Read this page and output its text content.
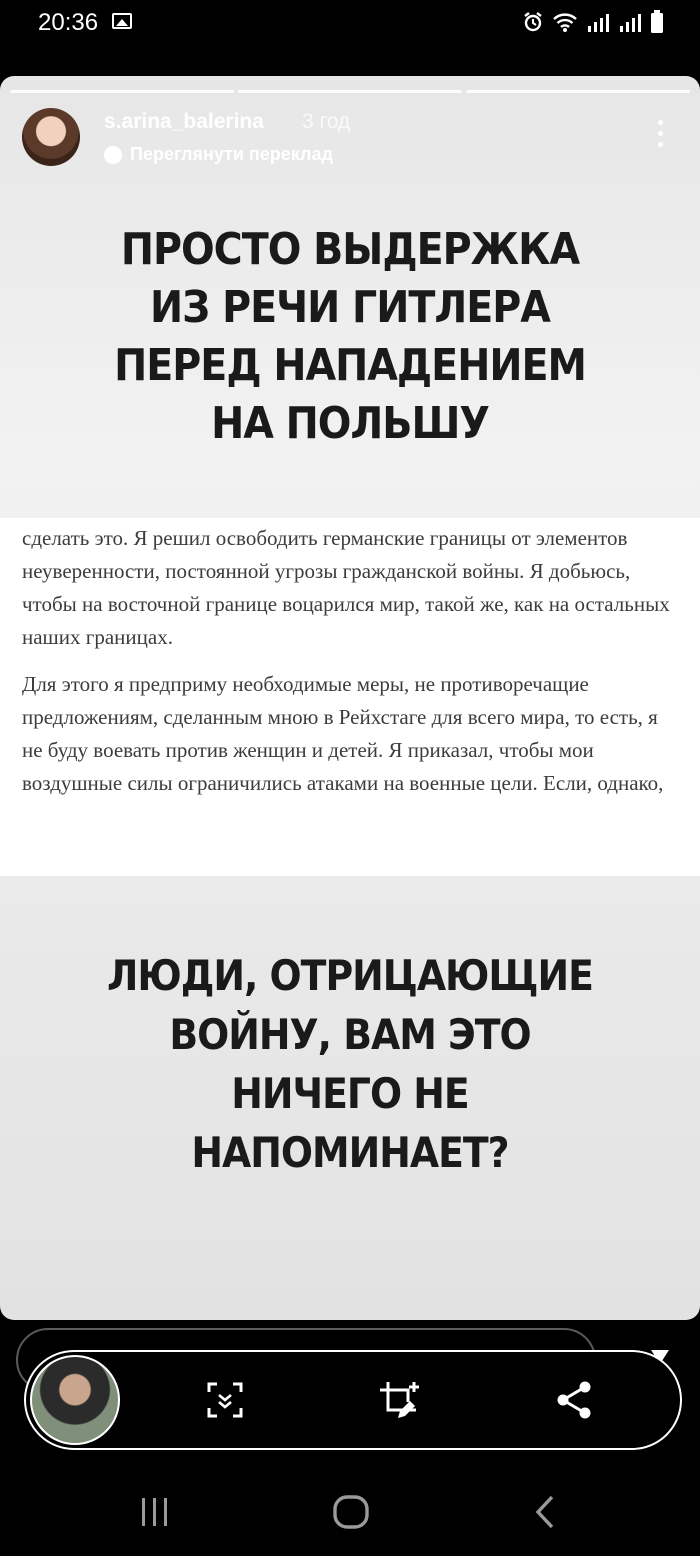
20:36
s.arina_balerina 3 год
Переглянути переклад
ПРОСТО ВЫДЕРЖКА
ИЗ РЕЧИ ГИТЛЕРА
ПЕРЕД НАПАДЕНИЕМ
НА ПОЛЬШУ

сделать это. Я решил освободить германские границы от элементов неуверенности, постоянной угрозы гражданской войны. Я добьюсь, чтобы на восточной границе воцарился мир, такой же, как на остальных наших границах.

Для этого я предприму необходимые меры, не противоречащие предложениям, сделанным мною в Рейхстаге для всего мира, то есть, я не буду воевать против женщин и детей. Я приказал, чтобы мои воздушные силы ограничились атаками на военные цели. Если, однако,

ЛЮДИ, ОТРИЦАЮЩИЕ
ВОЙНУ, ВАМ ЭТО
НИЧЕГО НЕ
НАПОМИНАЕТ?
